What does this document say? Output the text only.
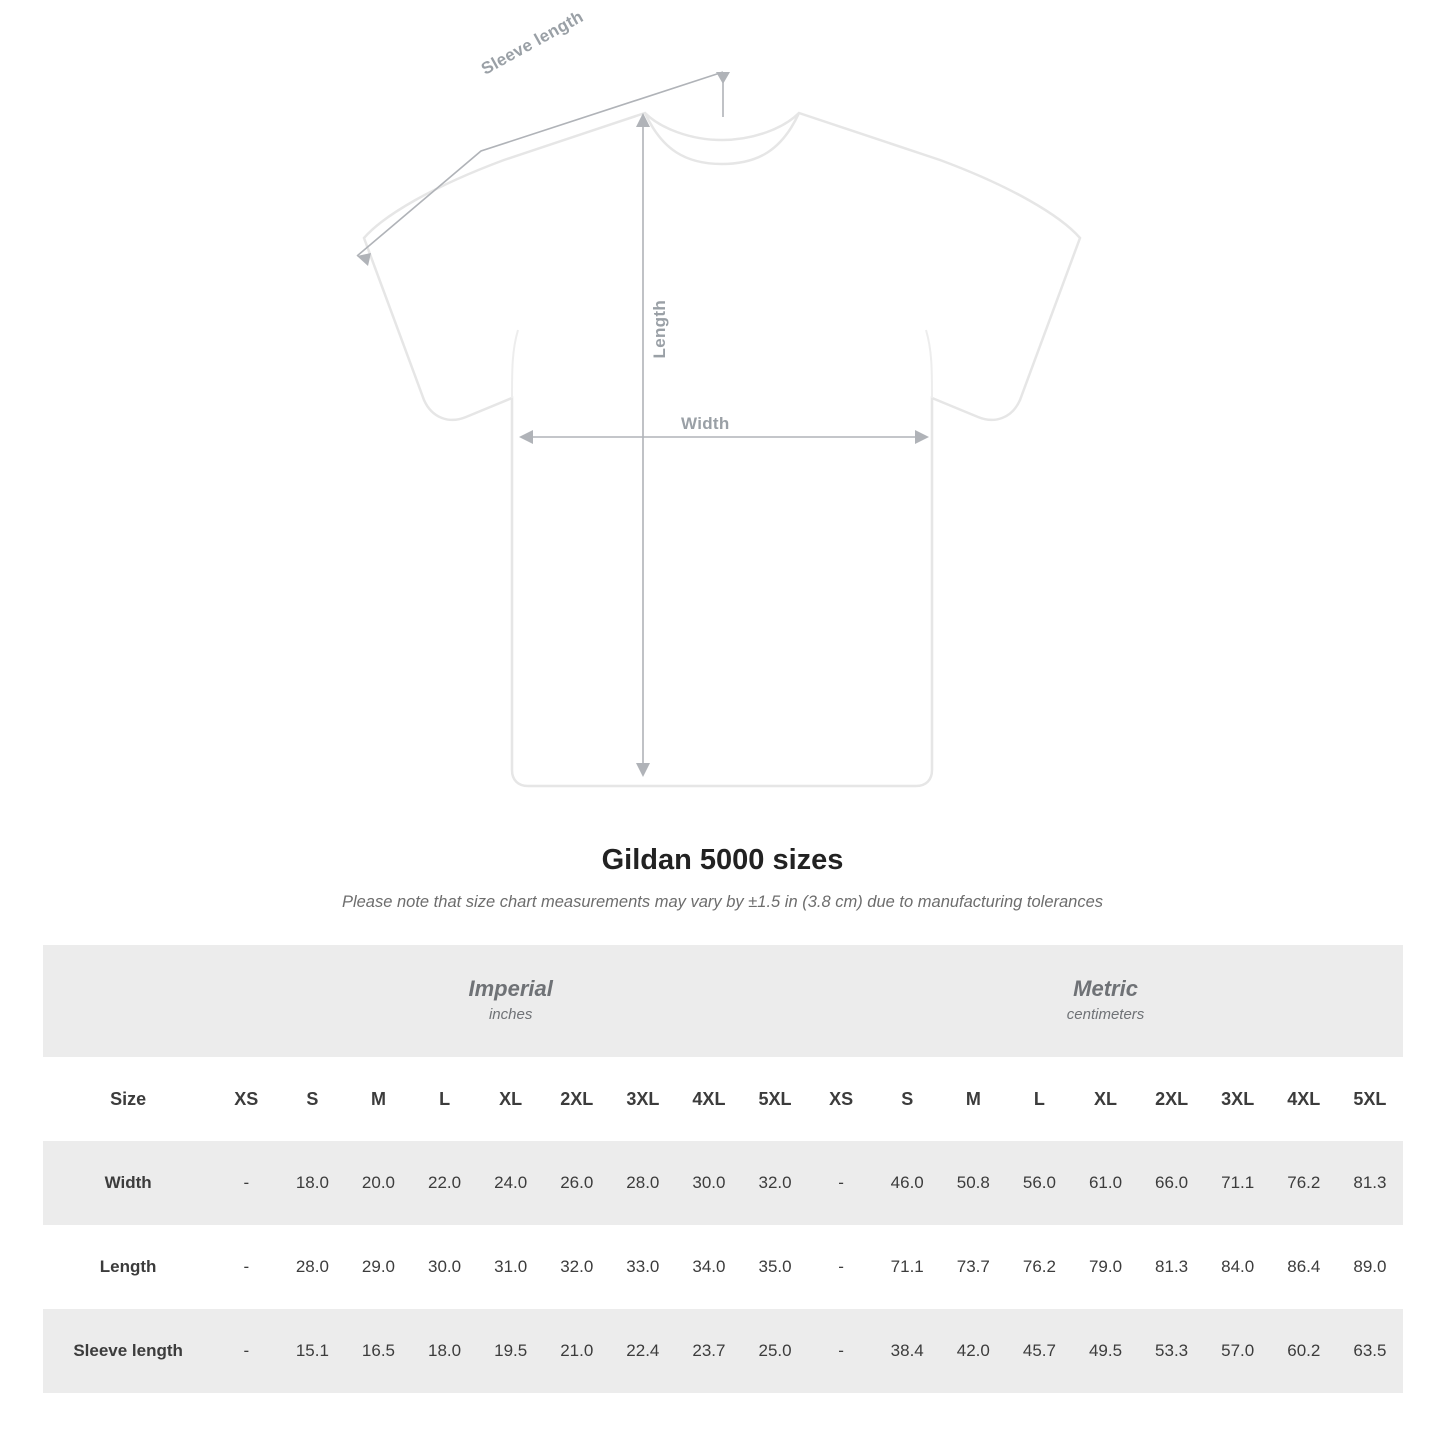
Sleeve length
Length
Width
Gildan 5000 sizes

Please note that size chart measurements may vary by ±1.5 in (3.8 cm) due to manufacturing tolerances

	Imperial
inches									Metric
centimeters								

Size	XS	S	M	L	XL	2XL	3XL	4XL	5XL	XS	S	M	L	XL	2XL	3XL	4XL	5XL
Width	-	18.0	20.0	22.0	24.0	26.0	28.0	30.0	32.0	-	46.0	50.8	56.0	61.0	66.0	71.1	76.2	81.3
Length	-	28.0	29.0	30.0	31.0	32.0	33.0	34.0	35.0	-	71.1	73.7	76.2	79.0	81.3	84.0	86.4	89.0
Sleeve length	-	15.1	16.5	18.0	19.5	21.0	22.4	23.7	25.0	-	38.4	42.0	45.7	49.5	53.3	57.0	60.2	63.5
